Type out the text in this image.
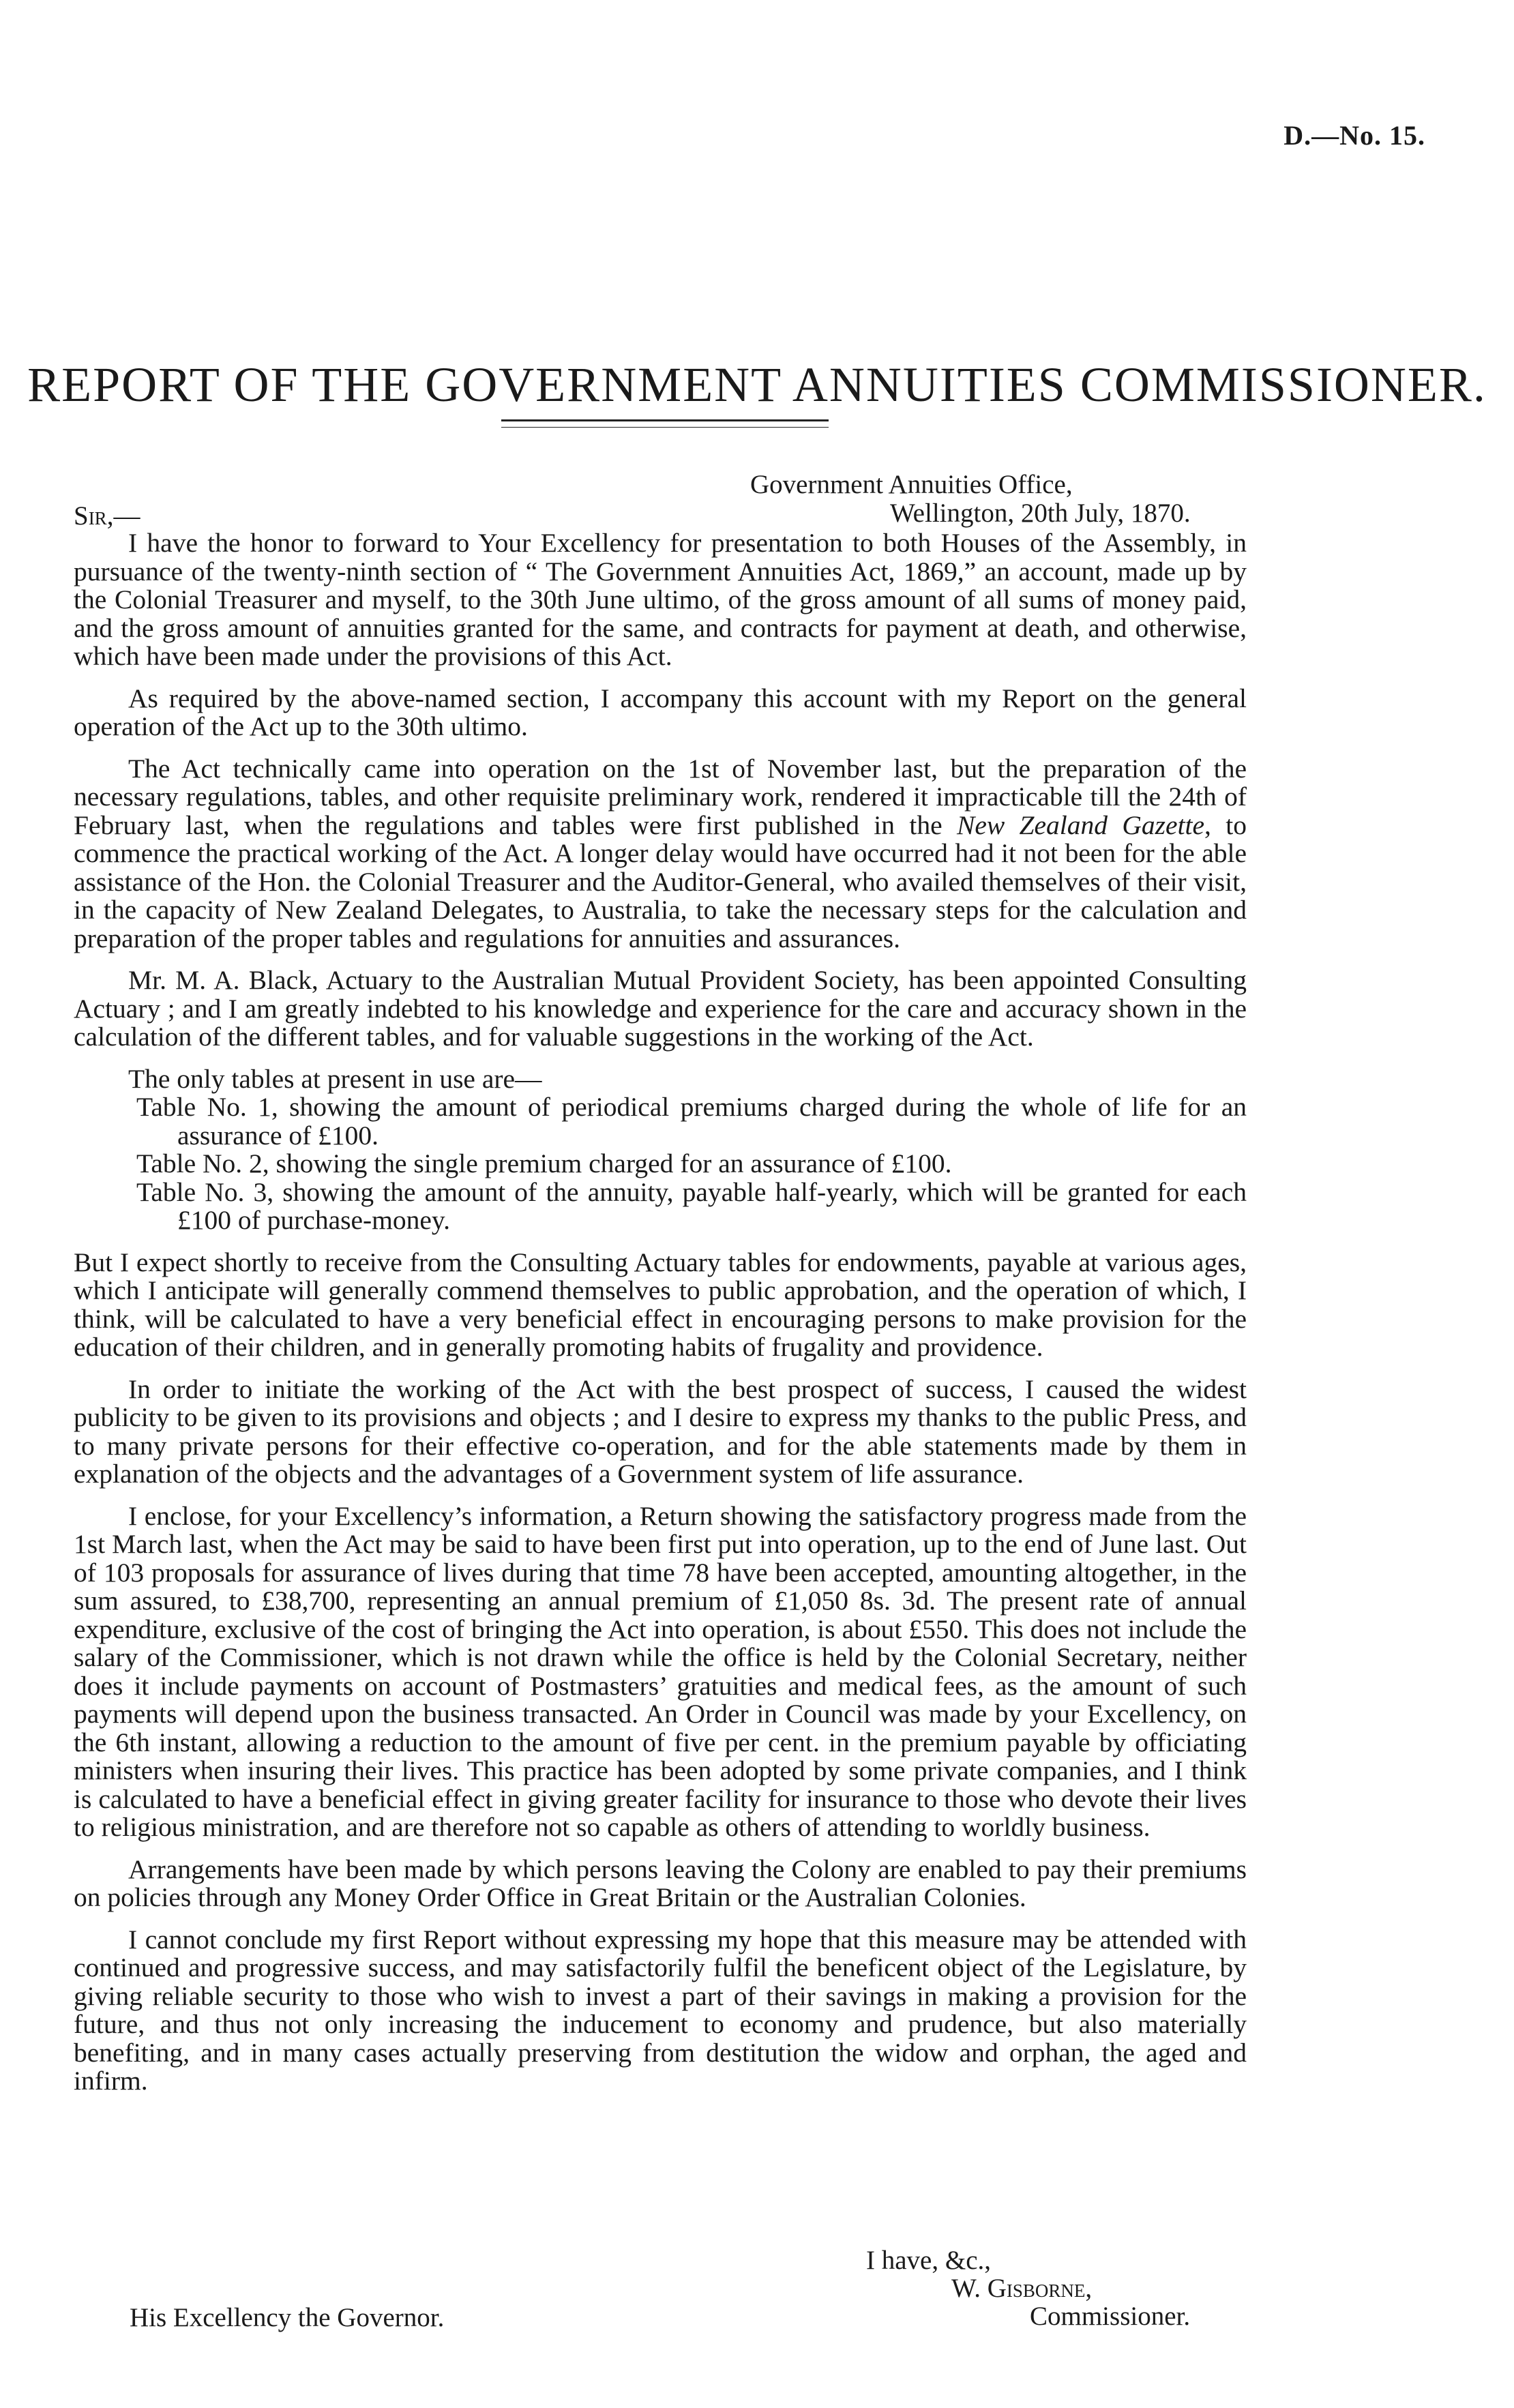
D.—No. 15.
REPORT OF THE GOVERNMENT ANNUITIES COMMISSIONER.
Government Annuities Office,
Wellington, 20th July, 1870.
Sir,—

I have the honor to forward to Your Excellency for presentation to both Houses of the Assembly, in pursuance of the twenty-ninth section of “ The Government Annuities Act, 1869,” an account, made up by the Colonial Treasurer and myself, to the 30th June ultimo, of the gross amount of all sums of money paid, and the gross amount of annuities granted for the same, and contracts for payment at death, and otherwise, which have been made under the provisions of this Act.

As required by the above-named section, I accompany this account with my Report on the general operation of the Act up to the 30th ultimo.

The Act technically came into operation on the 1st of November last, but the preparation of the necessary regulations, tables, and other requisite preliminary work, rendered it impracticable till the 24th of February last, when the regulations and tables were first published in the New Zealand Gazette, to commence the practical working of the Act. A longer delay would have occurred had it not been for the able assistance of the Hon. the Colonial Treasurer and the Auditor-General, who availed themselves of their visit, in the capacity of New Zealand Delegates, to Australia, to take the necessary steps for the calculation and preparation of the proper tables and regulations for annuities and assurances.

Mr. M. A. Black, Actuary to the Australian Mutual Provident Society, has been appointed Consulting Actuary ; and I am greatly indebted to his knowledge and experience for the care and accuracy shown in the calculation of the different tables, and for valuable suggestions in the working of the Act.

The only tables at present in use are—

Table No. 1, showing the amount of periodical premiums charged during the whole of life for an assurance of £100.

Table No. 2, showing the single premium charged for an assurance of £100.

Table No. 3, showing the amount of the annuity, payable half-yearly, which will be granted for each £100 of purchase-money.

But I expect shortly to receive from the Consulting Actuary tables for endowments, payable at various ages, which I anticipate will generally commend themselves to public approbation, and the operation of which, I think, will be calculated to have a very beneficial effect in encouraging persons to make provision for the education of their children, and in generally promoting habits of frugality and providence.

In order to initiate the working of the Act with the best prospect of success, I caused the widest publicity to be given to its provisions and objects ; and I desire to express my thanks to the public Press, and to many private persons for their effective co-operation, and for the able statements made by them in explanation of the objects and the advantages of a Government system of life assurance.

I enclose, for your Excellency’s information, a Return showing the satisfactory progress made from the 1st March last, when the Act may be said to have been first put into operation, up to the end of June last. Out of 103 proposals for assurance of lives during that time 78 have been accepted, amounting altogether, in the sum assured, to £38,700, representing an annual premium of £1,050 8s. 3d. The present rate of annual expenditure, exclusive of the cost of bringing the Act into operation, is about £550. This does not include the salary of the Commissioner, which is not drawn while the office is held by the Colonial Secretary, neither does it include payments on account of Postmasters’ gratuities and medical fees, as the amount of such payments will depend upon the business transacted. An Order in Council was made by your Excellency, on the 6th instant, allowing a reduction to the amount of five per cent. in the premium payable by officiating ministers when insuring their lives. This practice has been adopted by some private companies, and I think is calculated to have a beneficial effect in giving greater facility for insurance to those who devote their lives to religious ministration, and are therefore not so capable as others of attending to worldly business.

Arrangements have been made by which persons leaving the Colony are enabled to pay their premiums on policies through any Money Order Office in Great Britain or the Australian Colonies.

I cannot conclude my first Report without expressing my hope that this measure may be attended with continued and progressive success, and may satisfactorily fulfil the beneficent object of the Legislature, by giving reliable security to those who wish to invest a part of their savings in making a provision for the future, and thus not only increasing the inducement to economy and prudence, but also materially benefiting, and in many cases actually preserving from destitution the widow and orphan, the aged and infirm.

I have, &c.,
W. Gisborne,
Commissioner.
His Excellency the Governor.
